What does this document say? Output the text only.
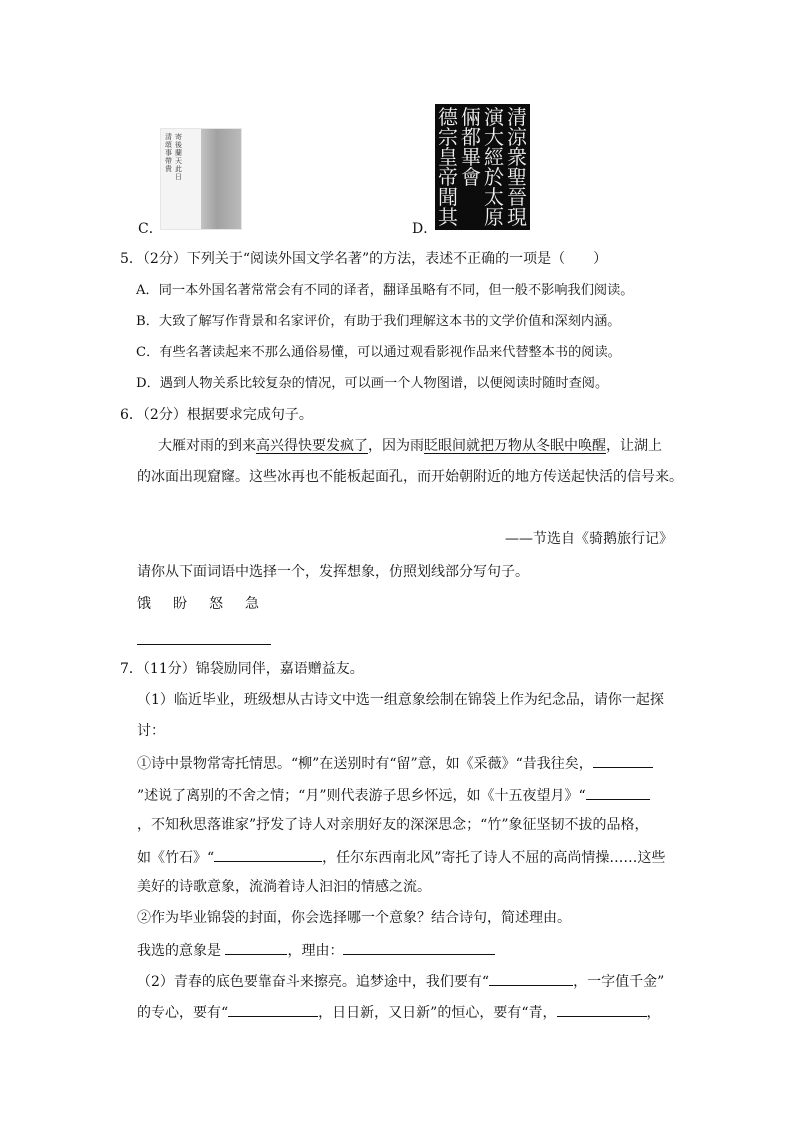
清頌事帶貴
寄後蘭天此日
C．
清涼衆聖晉現
演大經於太原
倆都畢會
德宗皇帝聞其
D．
5．（2分）下列关于“阅读外国文学名著”的方法，表述不正确的一项是（　　）
A．同一本外国名著常常会有不同的译者，翻译虽略有不同，但一般不影响我们阅读。
B．大致了解写作背景和名家评价，有助于我们理解这本书的文学价值和深刻内涵。
C．有些名著读起来不那么通俗易懂，可以通过观看影视作品来代替整本书的阅读。
D．遇到人物关系比较复杂的情况，可以画一个人物图谱，以便阅读时随时查阅。
6．（2分）根据要求完成句子。
大雁对雨的到来高兴得快要发疯了，因为雨眨眼间就把万物从冬眠中唤醒，让湖上
的冰面出现窟窿。这些冰再也不能板起面孔，而开始朝附近的地方传送起快活的信号来。
——节选自《骑鹅旅行记》
请你从下面词语中选择一个，发挥想象，仿照划线部分写句子。
饿 盼 怒 急
7．（11分）锦袋励同伴，嘉语赠益友。
（1）临近毕业，班级想从古诗文中选一组意象绘制在锦袋上作为纪念品，请你一起探
讨：
①诗中景物常寄托情思。“柳”在送别时有“留”意，如《采薇》“昔我往矣，
”述说了离别的不舍之情；“月”则代表游子思乡怀远，如《十五夜望月》“
，不知秋思落谁家”抒发了诗人对亲朋好友的深深思念；“竹”象征坚韧不拔的品格，
如《竹石》“	，任尔东西南北风”寄托了诗人不屈的高尚情操……这些
美好的诗歌意象，流淌着诗人汩汩的情感之流。
②作为毕业锦袋的封面，你会选择哪一个意象？结合诗句，简述理由。
我选的意象是	，理由：
（2）青春的底色要靠奋斗来擦亮。追梦途中，我们要有“	，一字值千金”
的专心，要有“	，日日新，又日新”的恒心，要有“青，	，
